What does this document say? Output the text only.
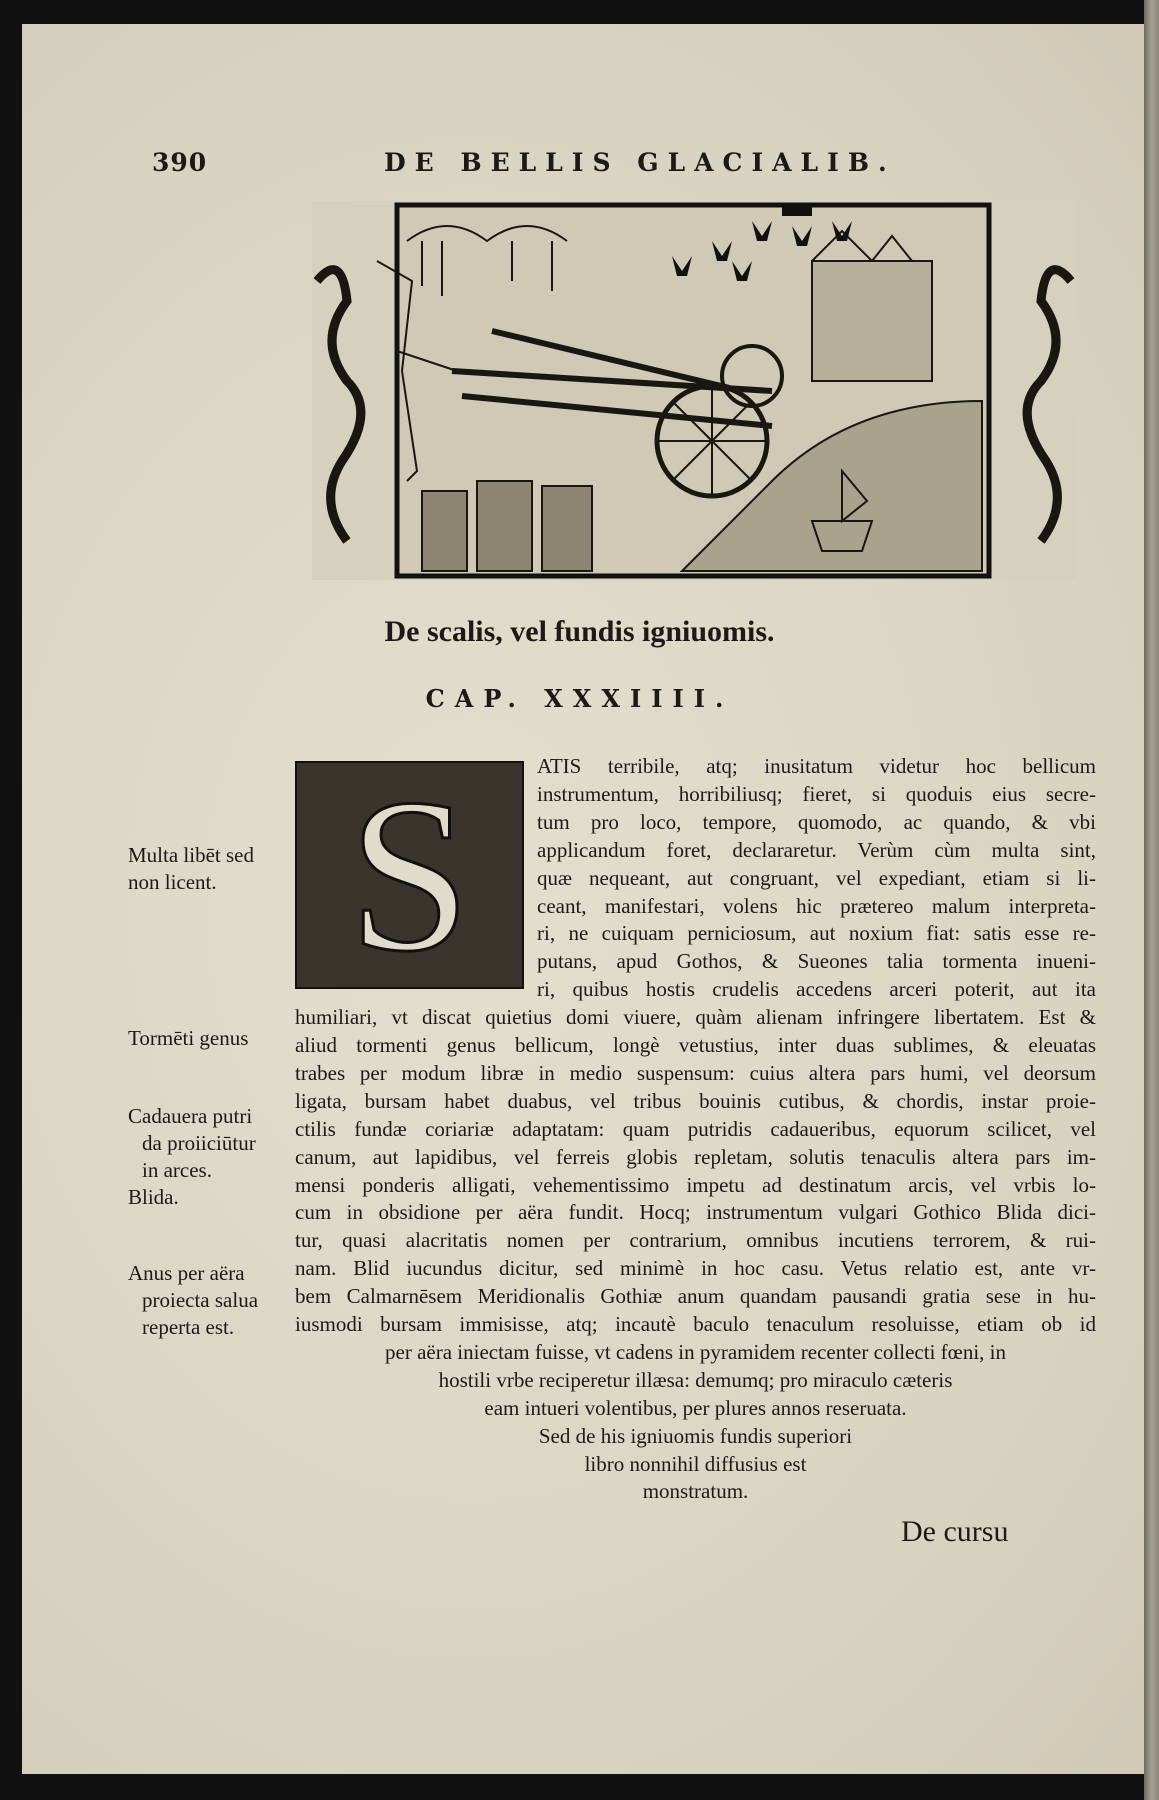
390	DE BELLIS GLACIALIB.
De scalis, vel fundis igniuomis.
CAP. XXXIIII.
S	ATIS terribile, atq; inusitatum videtur hoc bellicum
instrumentum, horribiliusq; fieret, si quoduis eius secre-
tum pro loco, tempore, quomodo, ac quando, & vbi
applicandum foret, declararetur. Verùm cùm multa sint,
quæ nequeant, aut congruant, vel expediant, etiam si li-
ceant, manifestari, volens hic prætereo malum interpreta-
ri, ne cuiquam perniciosum, aut noxium fiat: satis esse re-
putans, apud Gothos, & Sueones talia tormenta inueni-
ri, quibus hostis crudelis accedens arceri poterit, aut ita
humiliari, vt discat quietius domi viuere, quàm alienam infringere libertatem. Est &
aliud tormenti genus bellicum, longè vetustius, inter duas sublimes, & eleuatas
trabes per modum libræ in medio suspensum: cuius altera pars humi, vel deorsum
ligata, bursam habet duabus, vel tribus bouinis cutibus, & chordis, instar proie-
ctilis fundæ coriariæ adaptatam: quam putridis cadaueribus, equorum scilicet, vel
canum, aut lapidibus, vel ferreis globis repletam, solutis tenaculis altera pars im-
mensi ponderis alligati, vehementissimo impetu ad destinatum arcis, vel vrbis lo-
cum in obsidione per aëra fundit. Hocq; instrumentum vulgari Gothico Blida dici-
tur, quasi alacritatis nomen per contrarium, omnibus incutiens terrorem, & rui-
nam. Blid iucundus dicitur, sed minimè in hoc casu. Vetus relatio est, ante vr-
bem Calmarnēsem Meridionalis Gothiæ anum quandam pausandi gratia sese in hu-
iusmodi bursam immisisse, atq; incautè baculo tenaculum resoluisse, etiam ob id
per aëra iniectam fuisse, vt cadens in pyramidem recenter collecti fœni, in
hostili vrbe reciperetur illæsa: demumq; pro miraculo cæteris
eam intueri volentibus, per plures annos reseruata.
Sed de his igniuomis fundis superiori
libro nonnihil diffusius est
monstratum.
Multa libēt sed
non licent.
Tormēti genus
Cadauera putri
da proiiciūtur
in arces.
Blida.
Anus per aëra
proiecta salua
reperta est.
De cursu
